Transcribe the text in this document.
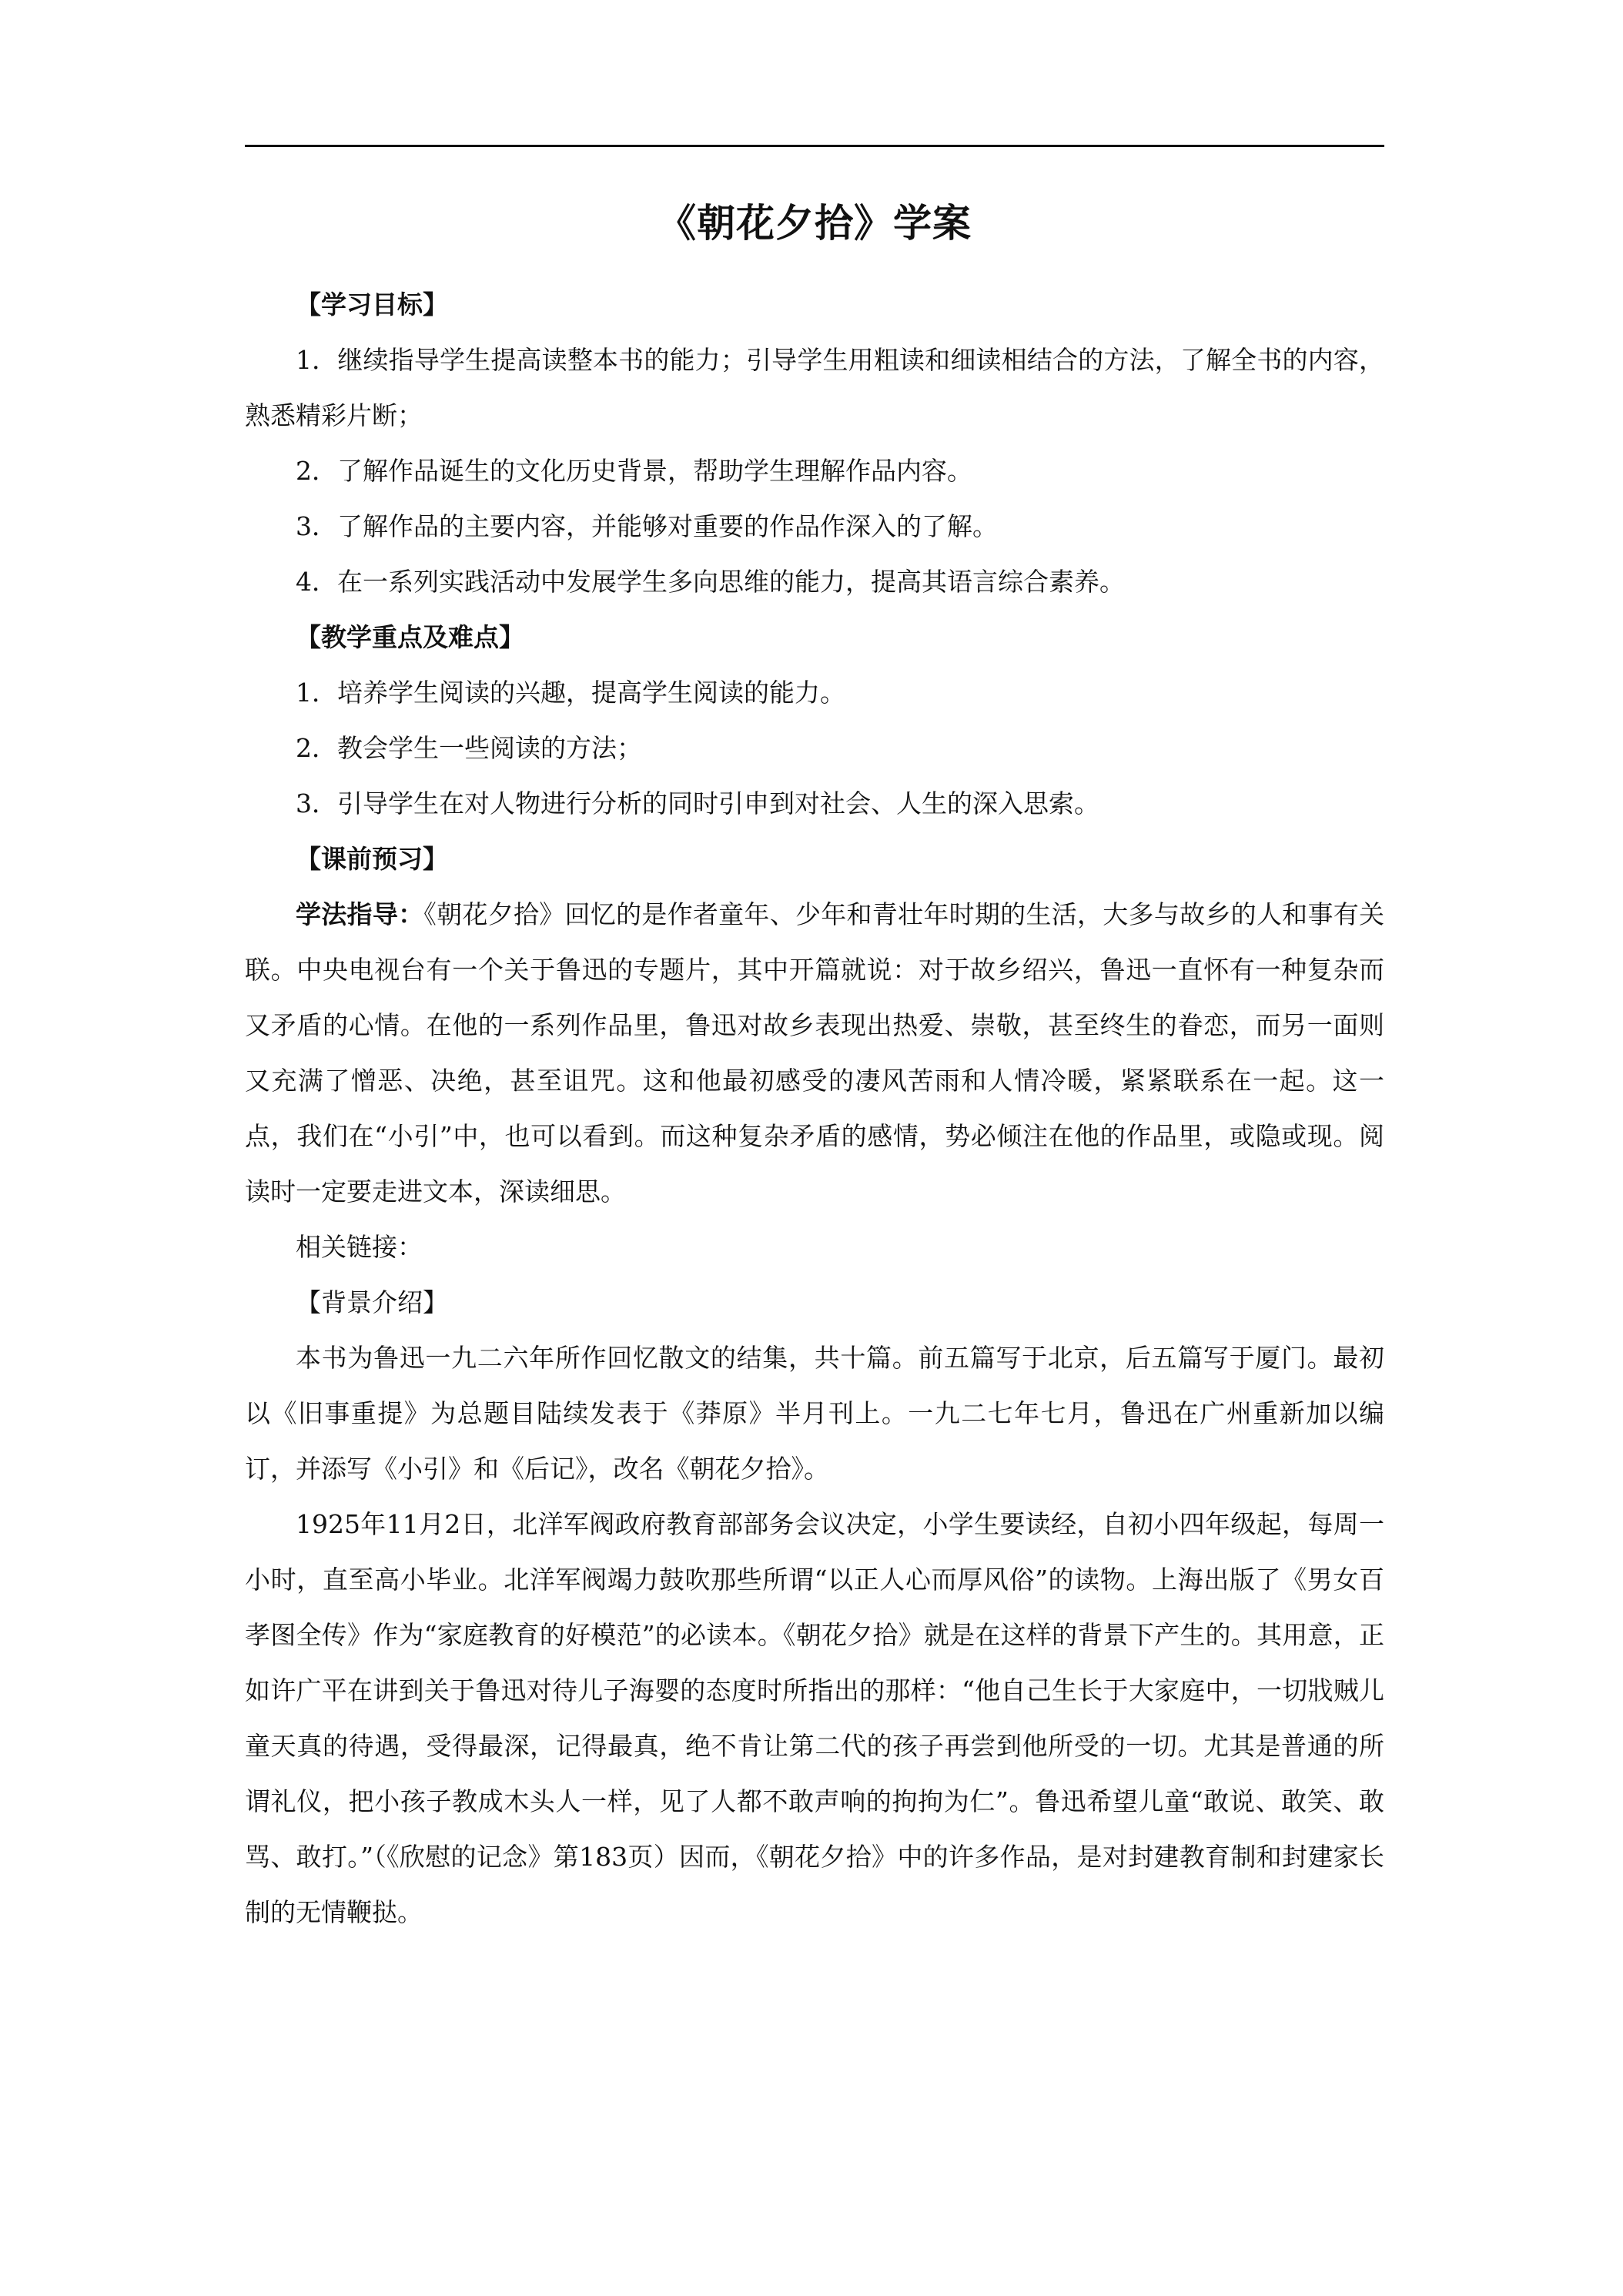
《朝花夕拾》学案

【学习目标】

1．继续指导学生提高读整本书的能力；引导学生用粗读和细读相结合的方法，了解全书的内容，熟悉精彩片断；

2．了解作品诞生的文化历史背景，帮助学生理解作品内容。

3．了解作品的主要内容，并能够对重要的作品作深入的了解。

4．在一系列实践活动中发展学生多向思维的能力，提高其语言综合素养。

【教学重点及难点】

1．培养学生阅读的兴趣，提高学生阅读的能力。

2．教会学生一些阅读的方法；

3．引导学生在对人物进行分析的同时引申到对社会、人生的深入思索。

【课前预习】

学法指导：《朝花夕拾》回忆的是作者童年、少年和青壮年时期的生活，大多与故乡的人和事有关联。中央电视台有一个关于鲁迅的专题片，其中开篇就说：对于故乡绍兴，鲁迅一直怀有一种复杂而又矛盾的心情。在他的一系列作品里，鲁迅对故乡表现出热爱、崇敬，甚至终生的眷恋，而另一面则又充满了憎恶、决绝，甚至诅咒。这和他最初感受的凄风苦雨和人情冷暖，紧紧联系在一起。这一点，我们在“小引”中，也可以看到。而这种复杂矛盾的感情，势必倾注在他的作品里，或隐或现。阅读时一定要走进文本，深读细思。

相关链接：

【背景介绍】

本书为鲁迅一九二六年所作回忆散文的结集，共十篇。前五篇写于北京，后五篇写于厦门。最初以《旧事重提》为总题目陆续发表于《莽原》半月刊上。一九二七年七月，鲁迅在广州重新加以编订，并添写《小引》和《后记》，改名《朝花夕拾》。

1925年11月2日，北洋军阀政府教育部部务会议决定，小学生要读经，自初小四年级起，每周一小时，直至高小毕业。北洋军阀竭力鼓吹那些所谓“以正人心而厚风俗”的读物。上海出版了《男女百孝图全传》作为“家庭教育的好模范”的必读本。《朝花夕拾》就是在这样的背景下产生的。其用意，正如许广平在讲到关于鲁迅对待儿子海婴的态度时所指出的那样：“他自己生长于大家庭中，一切戕贼儿童天真的待遇，受得最深，记得最真，绝不肯让第二代的孩子再尝到他所受的一切。尤其是普通的所谓礼仪，把小孩子教成木头人一样，见了人都不敢声响的拘拘为仁”。鲁迅希望儿童“敢说、敢笑、敢骂、敢打。”（《欣慰的记念》第183页）因而，《朝花夕拾》中的许多作品，是对封建教育制和封建家长制的无情鞭挞。
